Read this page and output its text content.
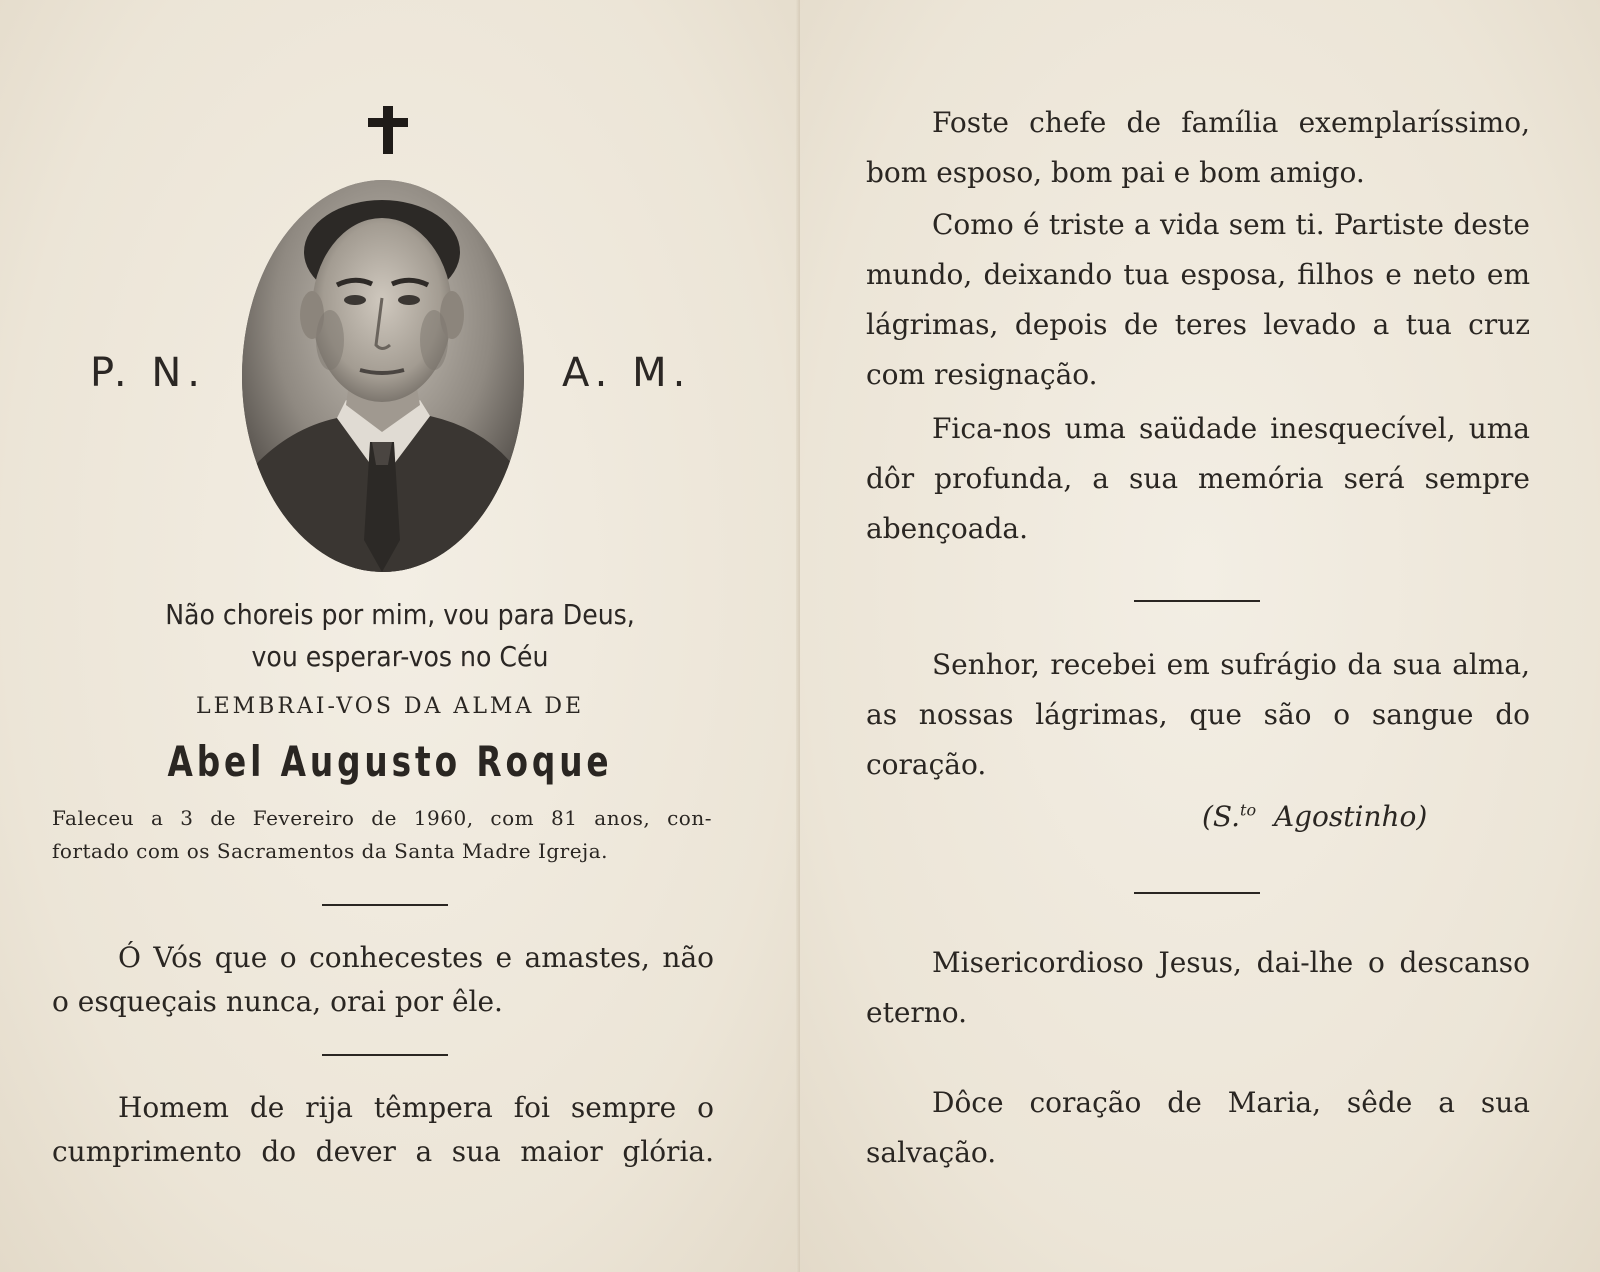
P. N.	A. M.
Não choreis por mim, vou para Deus,
vou esperar-vos no Céu
LEMBRAI-VOS DA ALMA DE
Abel Augusto Roque
Faleceu a 3 de Fevereiro de 1960, com 81 anos, con-
fortado com os Sacramentos da Santa Madre Igreja.
Ó Vós que o conhecestes e amastes, não o esqueçais nunca, orai por êle.
Homem de rija têmpera foi sempre o cumprimento do dever a sua maior glória.
Foste chefe de família exemplaríssimo, bom esposo, bom pai e bom amigo.
Como é triste a vida sem ti. Partiste deste mundo, deixando tua esposa, filhos e neto em lágrimas, depois de teres levado a tua cruz com resignação.
Fica-nos uma saüdade inesquecível, uma dôr profunda, a sua memória será sempre abençoada.
Senhor, recebei em sufrágio da sua alma, as nossas lágrimas, que são o sangue do coração.
(S.$^{to}$ Agostinho)
Misericordioso Jesus, dai-lhe o descanso eterno.
Dôce coração de Maria, sêde a sua salvação.
